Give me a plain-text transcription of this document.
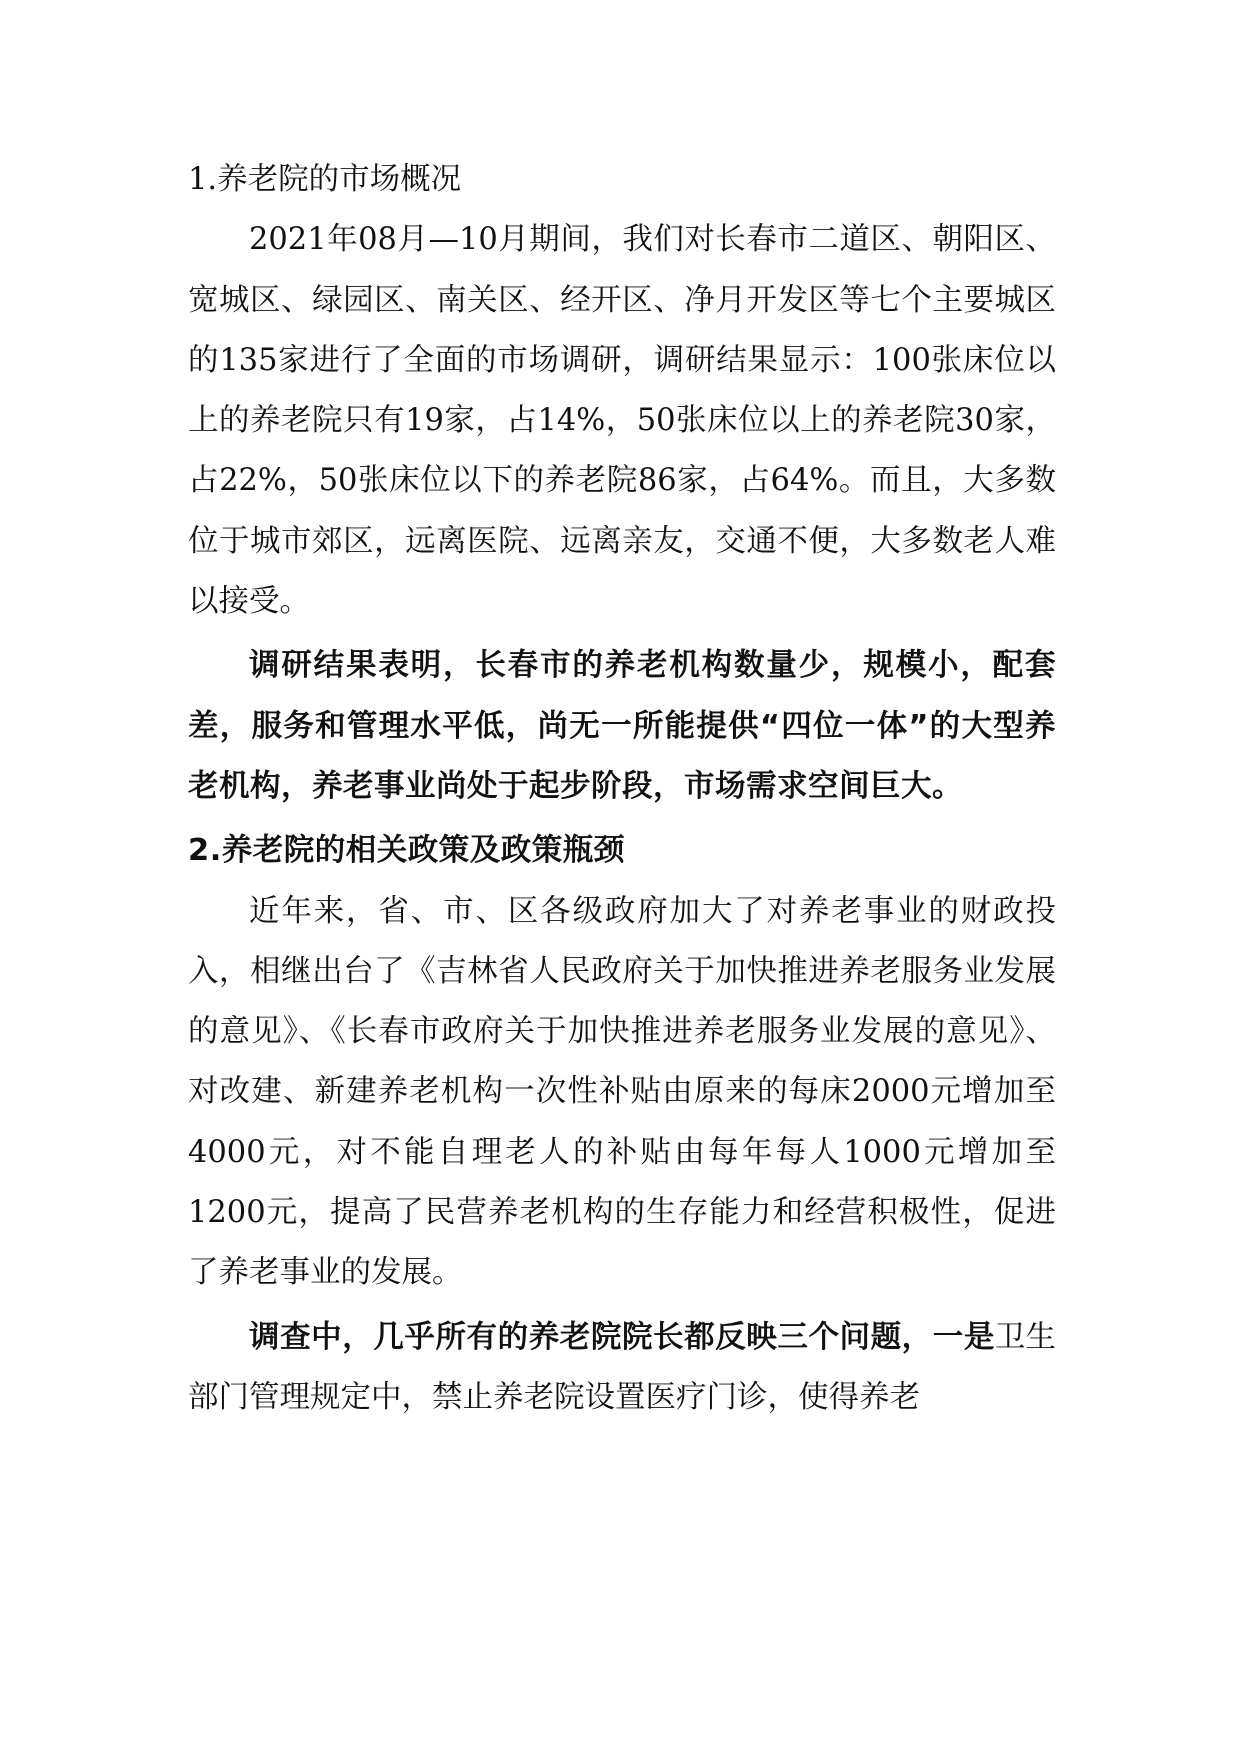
1.养老院的市场概况

2021年08月—10月期间，我们对长春市二道区、朝阳区、宽城区、绿园区、南关区、经开区、净月开发区等七个主要城区的135家进行了全面的市场调研，调研结果显示：100张床位以上的养老院只有19家，占14%，50张床位以上的养老院30家，占22%，50张床位以下的养老院86家，占64%。而且，大多数位于城市郊区，远离医院、远离亲友，交通不便，大多数老人难以接受。

调研结果表明，长春市的养老机构数量少，规模小，配套差，服务和管理水平低，尚无一所能提供“四位一体”的大型养老机构，养老事业尚处于起步阶段，市场需求空间巨大。

2.养老院的相关政策及政策瓶颈

近年来，省、市、区各级政府加大了对养老事业的财政投入，相继出台了《吉林省人民政府关于加快推进养老服务业发展的意见》、《长春市政府关于加快推进养老服务业发展的意见》、对改建、新建养老机构一次性补贴由原来的每床2000元增加至4000元，对不能自理老人的补贴由每年每人1000元增加至1200元，提高了民营养老机构的生存能力和经营积极性，促进了养老事业的发展。

调查中，几乎所有的养老院院长都反映三个问题，一是卫生部门管理规定中，禁止养老院设置医疗门诊，使得养老
